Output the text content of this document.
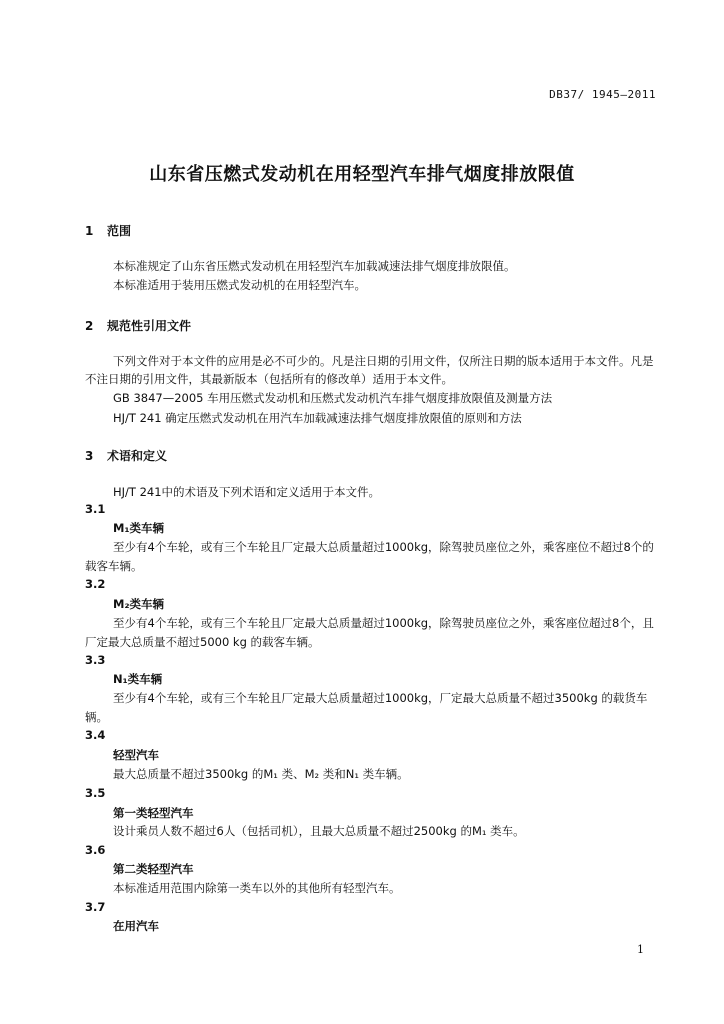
DB37/ 1945—2011
山东省压燃式发动机在用轻型汽车排气烟度排放限值
1 范围
本标准规定了山东省压燃式发动机在用轻型汽车加载减速法排气烟度排放限值。
本标准适用于装用压燃式发动机的在用轻型汽车。
2 规范性引用文件
下列文件对于本文件的应用是必不可少的。凡是注日期的引用文件，仅所注日期的版本适用于本文件。凡是不注日期的引用文件，其最新版本（包括所有的修改单）适用于本文件。
GB 3847—2005 车用压燃式发动机和压燃式发动机汽车排气烟度排放限值及测量方法
HJ/T 241 确定压燃式发动机在用汽车加载减速法排气烟度排放限值的原则和方法
3 术语和定义
HJ/T 241中的术语及下列术语和定义适用于本文件。
3.1
M₁类车辆
至少有4个车轮，或有三个车轮且厂定最大总质量超过1000kg，除驾驶员座位之外，乘客座位不超过8个的载客车辆。
3.2
M₂类车辆
至少有4个车轮，或有三个车轮且厂定最大总质量超过1000kg，除驾驶员座位之外，乘客座位超过8个，且厂定最大总质量不超过5000 kg 的载客车辆。
3.3
N₁类车辆
至少有4个车轮，或有三个车轮且厂定最大总质量超过1000kg，厂定最大总质量不超过3500kg 的载货车辆。
3.4
轻型汽车
最大总质量不超过3500kg 的M₁ 类、M₂ 类和N₁ 类车辆。
3.5
第一类轻型汽车
设计乘员人数不超过6人（包括司机），且最大总质量不超过2500kg 的M₁ 类车。
3.6
第二类轻型汽车
本标准适用范围内除第一类车以外的其他所有轻型汽车。
3.7
在用汽车
1
